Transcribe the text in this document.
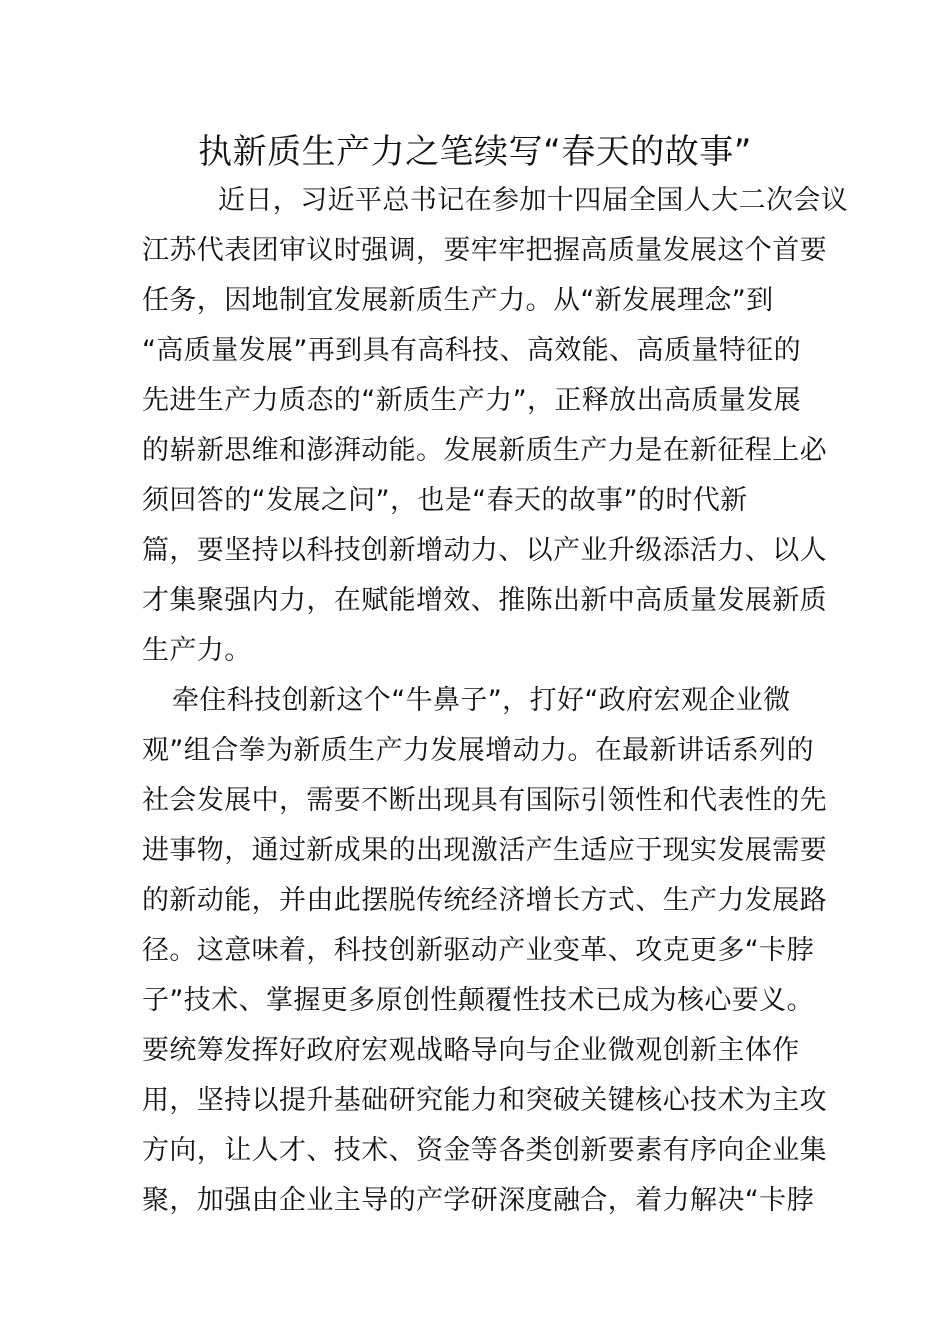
执新质生产力之笔续写“春天的故事”
近日，习近平总书记在参加十四届全国人大二次会议
江苏代表团审议时强调，要牢牢把握高质量发展这个首要
任务，因地制宜发展新质生产力。从“新发展理念”到
“高质量发展”再到具有高科技、高效能、高质量特征的
先进生产力质态的“新质生产力”，正释放出高质量发展
的崭新思维和澎湃动能。发展新质生产力是在新征程上必
须回答的“发展之问”，也是“春天的故事”的时代新
篇，要坚持以科技创新增动力、以产业升级添活力、以人
才集聚强内力，在赋能增效、推陈出新中高质量发展新质
生产力。
牵住科技创新这个“牛鼻子”，打好“政府宏观企业微
观”组合拳为新质生产力发展增动力。在最新讲话系列的
社会发展中，需要不断出现具有国际引领性和代表性的先
进事物，通过新成果的出现激活产生适应于现实发展需要
的新动能，并由此摆脱传统经济增长方式、生产力发展路
径。这意味着，科技创新驱动产业变革、攻克更多“卡脖
子”技术、掌握更多原创性颠覆性技术已成为核心要义。
要统筹发挥好政府宏观战略导向与企业微观创新主体作
用，坚持以提升基础研究能力和突破关键核心技术为主攻
方向，让人才、技术、资金等各类创新要素有序向企业集
聚，加强由企业主导的产学研深度融合，着力解决“卡脖
